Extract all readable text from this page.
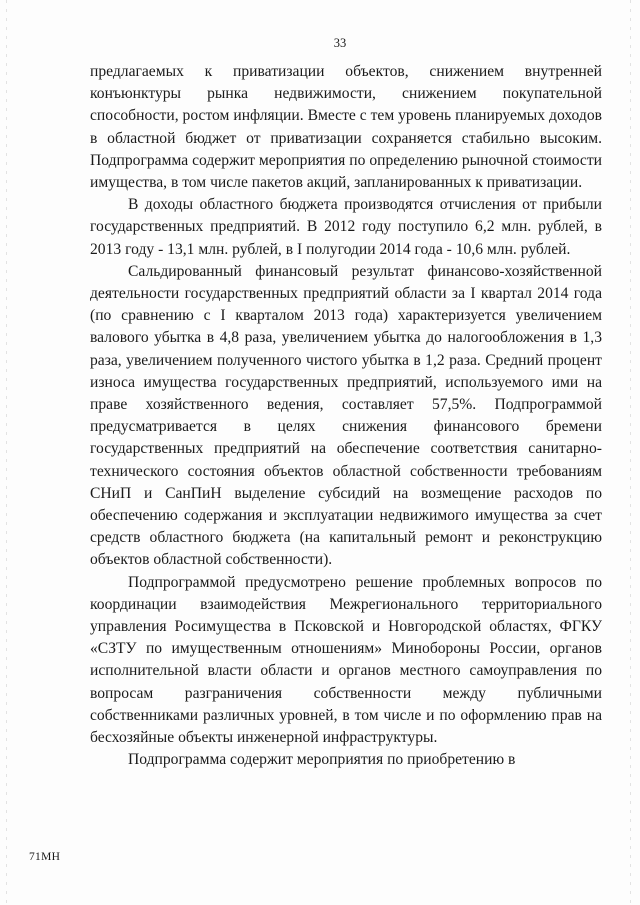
33

предлагаемых к приватизации объектов, снижением внутренней конъюнктуры рынка недвижимости, снижением покупательной способности, ростом инфляции. Вместе с тем уровень планируемых доходов в областной бюджет от приватизации сохраняется стабильно высоким. Подпрограмма содержит мероприятия по определению рыночной стоимости имущества, в том числе пакетов акций, запланированных к приватизации.

В доходы областного бюджета производятся отчисления от прибыли государственных предприятий. В 2012 году поступило 6,2 млн. рублей, в 2013 году - 13,1 млн. рублей, в I полугодии 2014 года - 10,6 млн. рублей.

Сальдированный финансовый результат финансово-хозяйственной деятельности государственных предприятий области за I квартал 2014 года (по сравнению с I кварталом 2013 года) характеризуется увеличением валового убытка в 4,8 раза, увеличением убытка до налогообложения в 1,3 раза, увеличением полученного чистого убытка в 1,2 раза. Средний процент износа имущества государственных предприятий, используемого ими на праве хозяйственного ведения, составляет 57,5%. Подпрограммой предусматривается в целях снижения финансового бремени государственных предприятий на обеспечение соответствия санитарно-технического состояния объектов областной собственности требованиям СНиП и СанПиН выделение субсидий на возмещение расходов по обеспечению содержания и эксплуатации недвижимого имущества за счет средств областного бюджета (на капитальный ремонт и реконструкцию объектов областной собственности).

Подпрограммой предусмотрено решение проблемных вопросов по координации взаимодействия Межрегионального территориального управления Росимущества в Псковской и Новгородской областях, ФГКУ «СЗТУ по имущественным отношениям» Минобороны России, органов исполнительной власти области и органов местного самоуправления по вопросам разграничения собственности между публичными собственниками различных уровней, в том числе и по оформлению прав на бесхозяйные объекты инженерной инфраструктуры.

Подпрограмма содержит мероприятия по приобретению в

71МН
